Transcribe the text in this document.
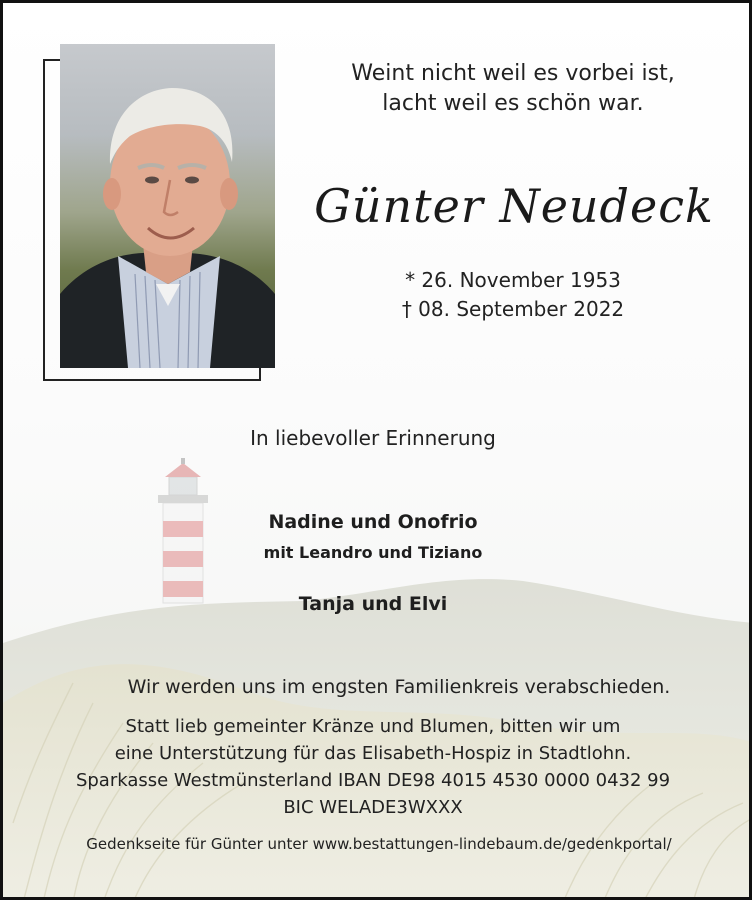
Weint nicht weil es vorbei ist,
lacht weil es schön war.
Günter Neudeck
* 26. November 1953
† 08. September 2022
In liebevoller Erinnerung
Nadine und Onofrio
mit Leandro und Tiziano
Tanja und Elvi
Wir werden uns im engsten Familienkreis verabschieden.
Statt lieb gemeinter Kränze und Blumen, bitten wir um
eine Unterstützung für das Elisabeth-Hospiz in Stadtlohn.
Sparkasse Westmünsterland IBAN DE98 4015 4530 0000 0432 99
BIC WELADE3WXXX
Gedenkseite für Günter unter www.bestattungen-lindebaum.de/gedenkportal/
